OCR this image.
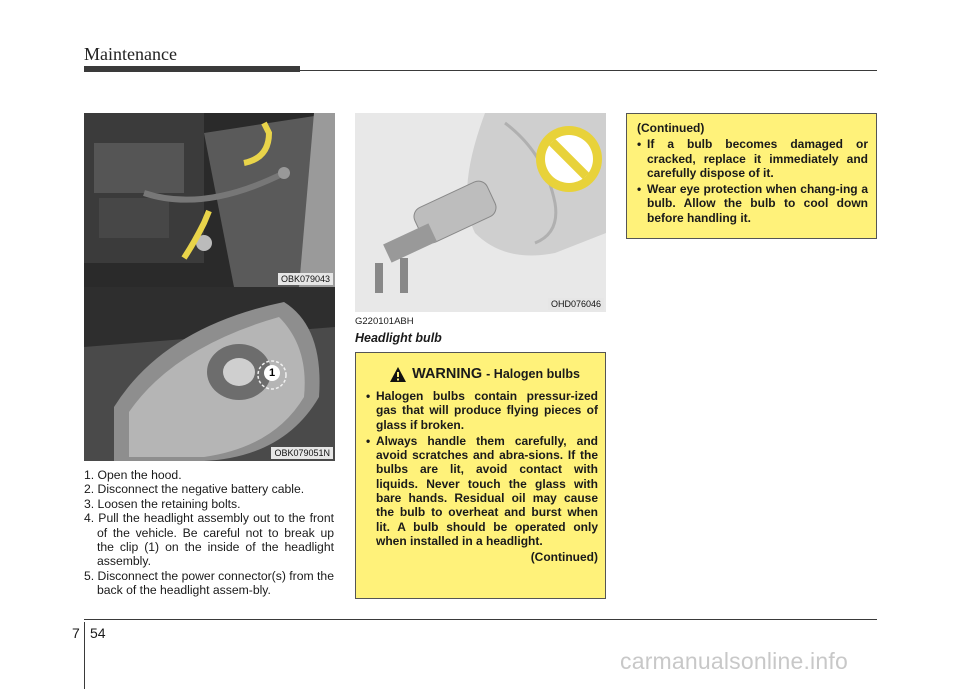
Maintenance
OBK079043
1
OBK079051N
1. Open the hood.
2. Disconnect the negative battery cable.
3. Loosen the retaining bolts.
4. Pull the headlight assembly out to the front of the vehicle. Be careful not to break up the clip (1) on the inside of the headlight assembly.
5. Disconnect the power connector(s) from the back of the headlight assem-bly.
OHD076046
G220101ABH
Headlight bulb
WARNING - Halogen bulbs
• Halogen bulbs contain pressur-ized gas that will produce flying pieces of glass if broken.
• Always handle them carefully, and avoid scratches and abra-sions. If the bulbs are lit, avoid contact with liquids. Never touch the glass with bare hands. Residual oil may cause the bulb to overheat and burst when lit. A bulb should be operated only when installed in a headlight.
(Continued)
(Continued)
• If a bulb becomes damaged or cracked, replace it immediately and carefully dispose of it.
• Wear eye protection when chang-ing a bulb. Allow the bulb to cool down before handling it.
7 54
carmanualsonline.info
